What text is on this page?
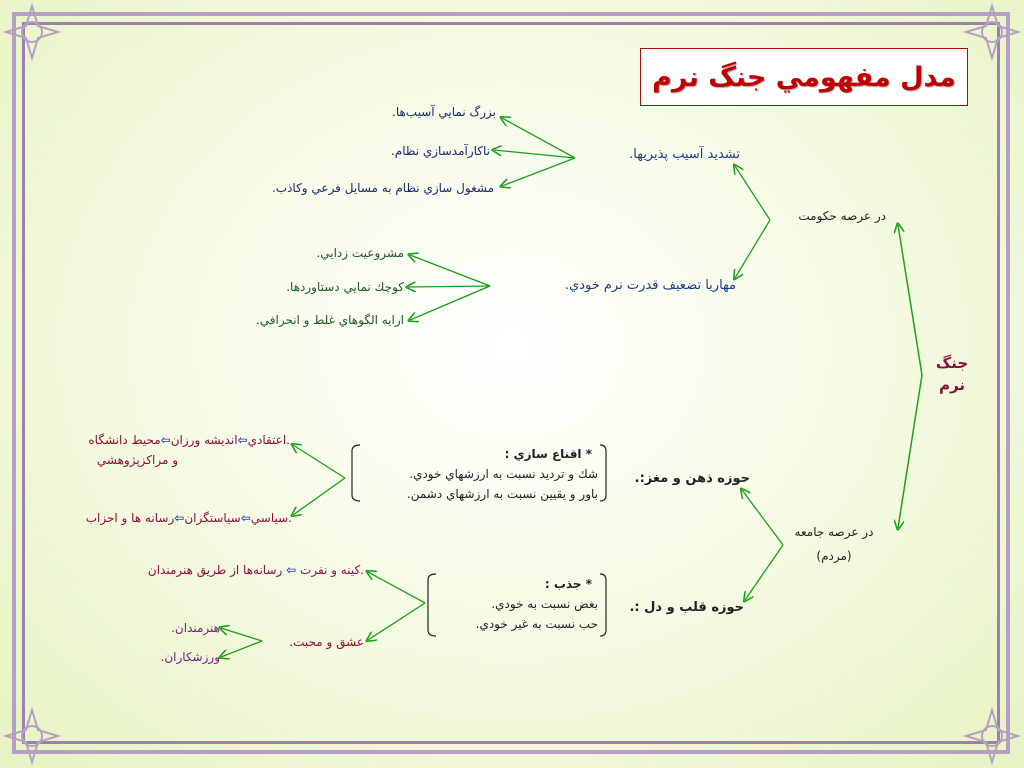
مدل مفهومي جنگ نرم
جنگ
نرم
در عرصه حکومت
تشديد آسيب پذيريها.
بزرگ نمايي آسيب‌ها.
ناكارآمدسازي نظام.
مشغول سازي نظام به مسايل فرعي وكاذب.
مهاريا تضعيف قدرت نرم خودي.
مشروعيت زدايي.
كوچك نمايي دستاوردها.
ارايه الگوهاي غلط و انحرافي.
در عرصه جامعه
(مردم)
حوزه ذهن و مغز:.
* اقناع سازي :
شك و ترديد نسبت به ارزشهاي خودي.
باور و يقيين نسبت به ارزشهاي دشمن.
.اعتقادي⇦انديشه ورزان⇦محيط دانشگاه
و مراكزپژوهشي
.سياسي⇦سياستگران⇦رسانه ها و احزاب
حوزه قلب و دل :.
* جذب :
بغض نسبت به خودي.
حب نسبت به غير خودي.
.كينه و نفرت ⇦ رسانه‌ها از طريق هنرمندان
عشق و محبت.
هنرمندان.
ورزشكاران.
